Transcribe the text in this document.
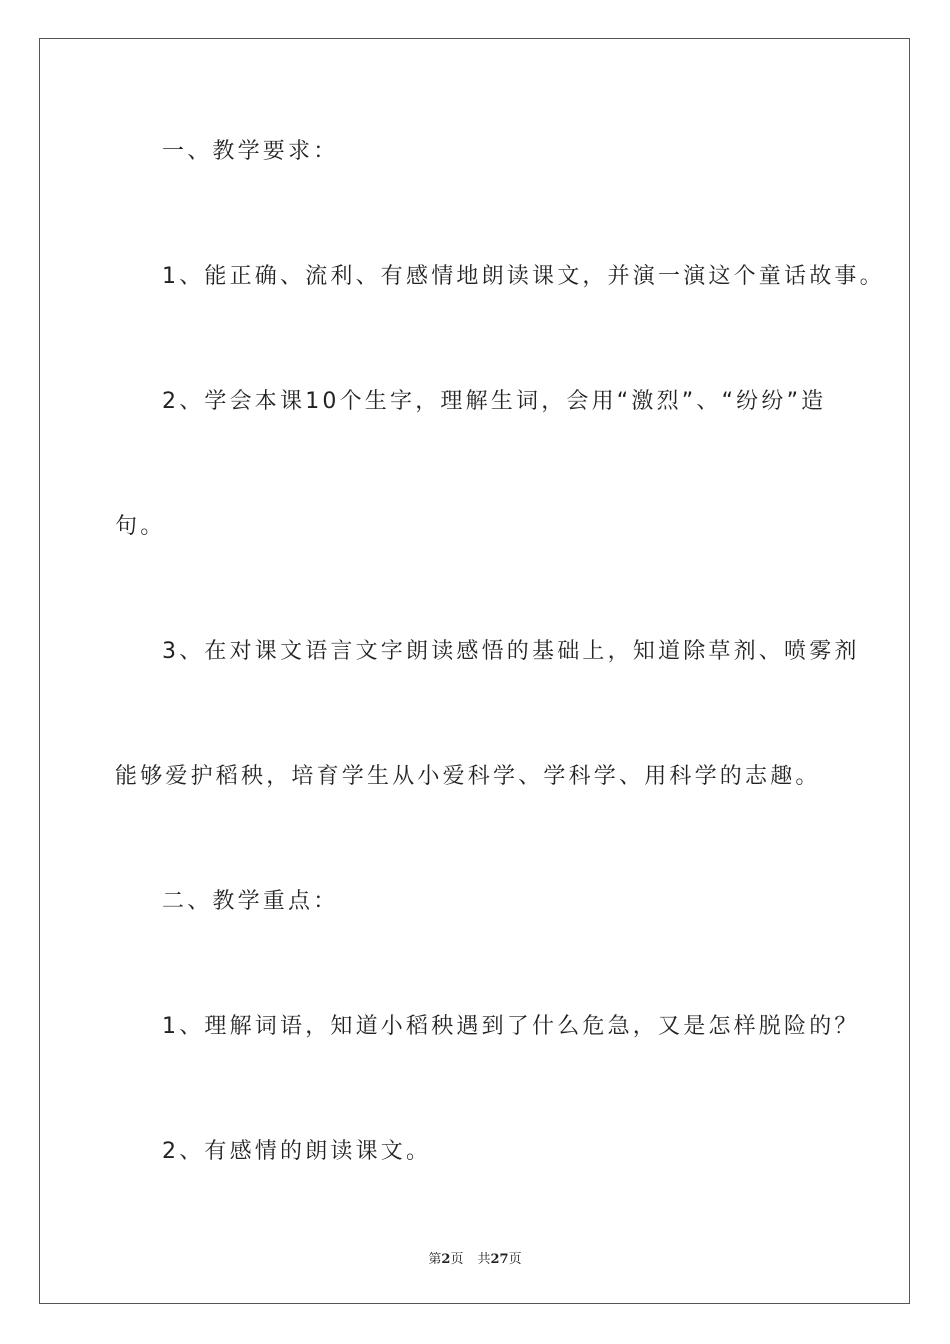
一、教学要求：
1、能正确、流利、有感情地朗读课文，并演一演这个童话故事。
2、学会本课10个生字，理解生词，会用“激烈”、“纷纷”造
句。
3、在对课文语言文字朗读感悟的基础上，知道除草剂、喷雾剂
能够爱护稻秧，培育学生从小爱科学、学科学、用科学的志趣。
二、教学重点：
1、理解词语，知道小稻秧遇到了什么危急，又是怎样脱险的？
2、有感情的朗读课文。
第2页 共27页
